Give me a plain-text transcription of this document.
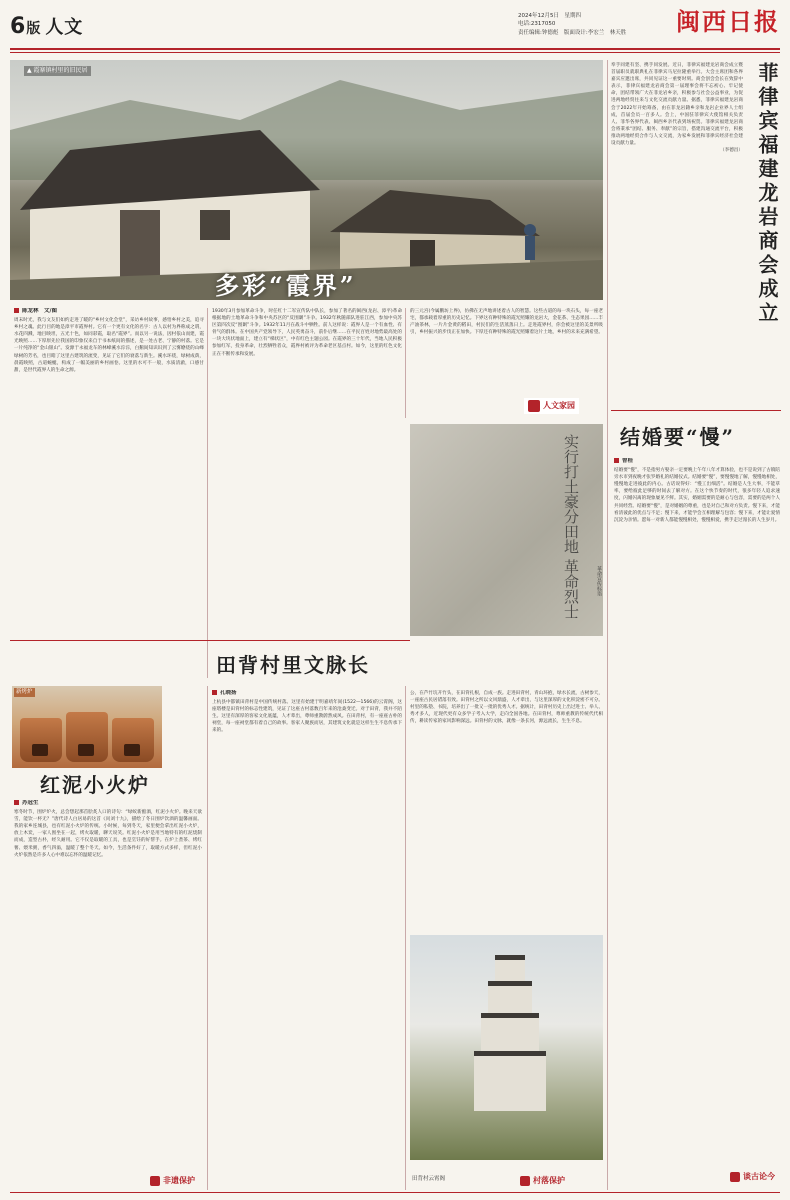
6版 人文
2024年12月5日　星期四
电话:2317050
责任编辑:钟德彪　版面设计:李宏兰　林天胜 闽西日报
▲ 霞寨镇村里的旧民居
多彩“霞界”
陈龙林　文/图
周末时光，我与文友们如约走进了暖的“乡村文化会堂”，采访乡村故事，感悟乡村之美，追寻乡村之魂。此行目的地是漳平市霞界村。它有一个更有文化的名字：古人以村为界称成之谓，水花四溅，地目映坦，五光十色，如同彩霞，取名“霞界”。而以另一说法，因村依山而建，霞光映照……下厚原先位我国的印象仅来自于书本纸间的描述，是一处古老、宁静的村落。它是一片纯净的“金山银山”。发源于永福龙车的林峰溪水淙淙，白鹅间知识识到了云雾缭绕的山峰绿树的芳名，也目睹了这里古建筑的流变，见证了它们的衰落与新生。溪水环绕，绿树成荫，晨霞映照，古道蜿蜒，构成了一幅美丽的乡村画卷。这里的水可不一般，水质清澈，口感甘甜，是世代霞界人的生命之源。
1930年3月参加革命斗争，时任红十二军宣传队中队长，参加了著名的闽西(龙岩、漳平)革命根据地的土地革命斗争和中央苏区的“反围剿”斗争。1932年秋随部队进驻江西，参加中央苏区第四次反“围剿”斗争。1932年11月在战斗中牺牲。前人这样说：霞界人是一个有血性、有骨气的群体。在中国共产党领导下，人民英勇奋斗，前仆后继……在平民百姓对地势最高处的一块大块状地面上，建立有“梯状区”，中有红色主题公园。在霞界的三十年代，当地人民积极参加红军，投身革命，壮烈牺牲者众，霞界村被评为革命老区基点村。如今，这里的红色文化正在不断传承和发展。
的三元宫(今属鹏坊上界)，仿佛在无声地讲述着古人的智慧。这些古道的每一块石头，每一座老宅，都承载着厚重的历史记忆。下界这有种特殊的霞光照耀的龙岩大，金花茶、生态果园……丰产油茶林，一片片金黄的稻田，村民们的生活蒸蒸日上。走进霞界村，你会被这里的美景所吸引，乡村振兴的步伐正在加快。下厚还有种特殊的霞光照耀着这片土地，乡村的未来充满希望。
人文家园
实行打土豪分田地 革命烈士	革命宣传标语
奉手同建有坚、携手同发展。近日，菲律宾福建龙岩商会成立暨首届职员就职典礼在菲律宾马尼拉隆重举行。大会主席团和各界嘉宾应邀出席，共同见证这一重要时刻。商会创会会长在致辞中表示，菲律宾福建龙岩商会第一届理事会将不忘初心、牢记使命，团结带领广大在菲龙岩乡亲，积极参与社会公益事业，为促进两地经贸往来与文化交流贡献力量。据悉，菲律宾福建龙岩商会于2022年开始筹备，由在菲龙岩籍乡亲和龙岩企业界人士组成，首届会员一百多人。会上，中国驻菲律宾大使馆相关负责人、菲华各界代表、闽西乡亲代表到场祝贺。菲律宾福建龙岩商会将秉承“团结、服务、奉献”的宗旨，搭建沟通交流平台，积极推动两地经贸合作与人文交流，为家乡发展和菲律宾经济社会建设贡献力量。
（李德昌） 菲律宾福建龙岩商会成立
结婚要“慢”
曾桂
结婚要“慢”，不是指男方娶亲一定要晚上午年八年才算体验，也不是说到了古镇陪旁水市到夜晚才张罗婚礼的结婚仪式。结婚要“慢”，要慢慢地了解，慢慢地相处，慢慢地走进彼此的内心。古话说得好：“慢工出细活”。结婚是人生大事，不能草率，要给彼此足够的时间去了解对方。在这个快节奏的时代，很多年轻人追求速度，闪婚闪离的现象屡见不鲜。其实，婚姻需要的是耐心与包容，需要的是两个人共同经营。结婚要“慢”，是对婚姻的尊重，也是对自己和对方负责。慢下来，才能看清彼此的优点与不足；慢下来，才能学会互相理解与包容；慢下来，才能让爱情沉淀为亲情。愿每一对新人都能慢慢相处，慢慢相爱，携手走过漫长的人生岁月。
谈古论今
田背村里文脉长
新烤炉
红泥小火炉
苏冠生
寒冬时节，围炉炉火，总会想起那首脍炙人口的诗句：“绿蚁新醅酒，红泥小火炉。晚来天欲雪，能饮一杯无？”唐代诗人白居易的这首《问刘十九》，描绘了冬日围炉饮酒的温馨画面。我的家乡连城县，也有红泥小火炉的传统。小时候，每到冬天，家里便会拿出红泥小火炉，放上木炭，一家人围坐在一起，烤火取暖，聊天说笑。红泥小火炉是用当地特有的红泥烧制而成，造型古朴，经久耐用。它不仅是取暖的工具，也是烹饪的好帮手。在炉上煮茶、烤红薯、煨米粥，香气四溢，温暖了整个冬天。如今，生活条件好了，取暖方式多样，但红泥小火炉依然是许多人心中难以忘怀的温暖记忆。
非遗保护
孔晓扬
上杭县中都镇田背村是中国传统村落。这里有始建于明嘉靖年间(1522—1566)的云霄阁，这座塔楼是田背村的标志性建筑，见证了这座古村落数百年来的沧桑变迁。对于田背，我并不陌生。这里有深厚的客家文化底蕴，人才辈出，尊师重教蔚然成风。在田背村，有一座座古朴的祠堂，每一座祠堂都有着自己的故事。客家人聚族而居，其建筑文化就是这样生生不息传承下来的。
公，在芦竹坑开竹头，在田背扎根，自成一族。走进田背村，青山环抱，绿水长流，古树参天，一座座古民居错落有致。田背村之所以文风鼎盛，人才辈出，与这里深厚的文化积淀密不可分。村里的私塾、书院，培养出了一批又一批的优秀人才。据统计，田背村历史上出过进士、举人、秀才多人，近现代更有众多学子考入大学，走向全国各地。在田背村，尊师重教的传统代代相传，耕读传家的家风影响深远。田背村的文脉，就像一条长河，源远流长，生生不息。
田背村云霄阁	村落保护
